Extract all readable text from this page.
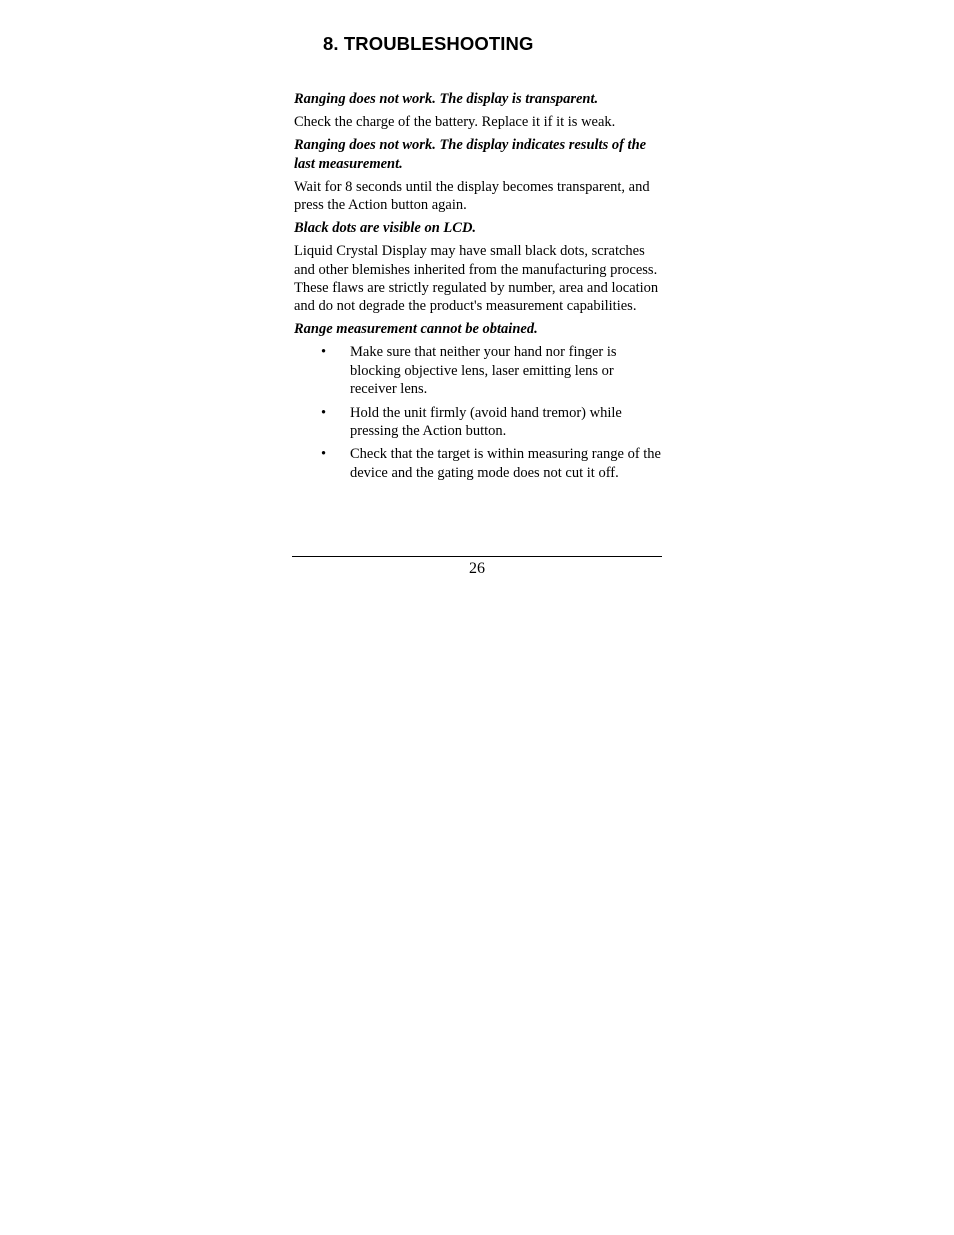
8. TROUBLESHOOTING

Ranging does not work. The display is transparent.

Check the charge of the battery. Replace it if it is weak.

Ranging does not work. The display indicates results of the last measurement.

Wait for 8 seconds until the display becomes transparent, and press the Action button again.

Black dots are visible on LCD.

Liquid Crystal Display may have small black dots, scratches and other blemishes inherited from the manufacturing process. These flaws are strictly regulated by number, area and location and do not degrade the product's measurement capabilities.

Range measurement cannot be obtained.

• Make sure that neither your hand nor finger is blocking objective lens, laser emitting lens or receiver lens.
• Hold the unit firmly (avoid hand tremor) while pressing the Action button.
• Check that the target is within measuring range of the device and the gating mode does not cut it off.
26
